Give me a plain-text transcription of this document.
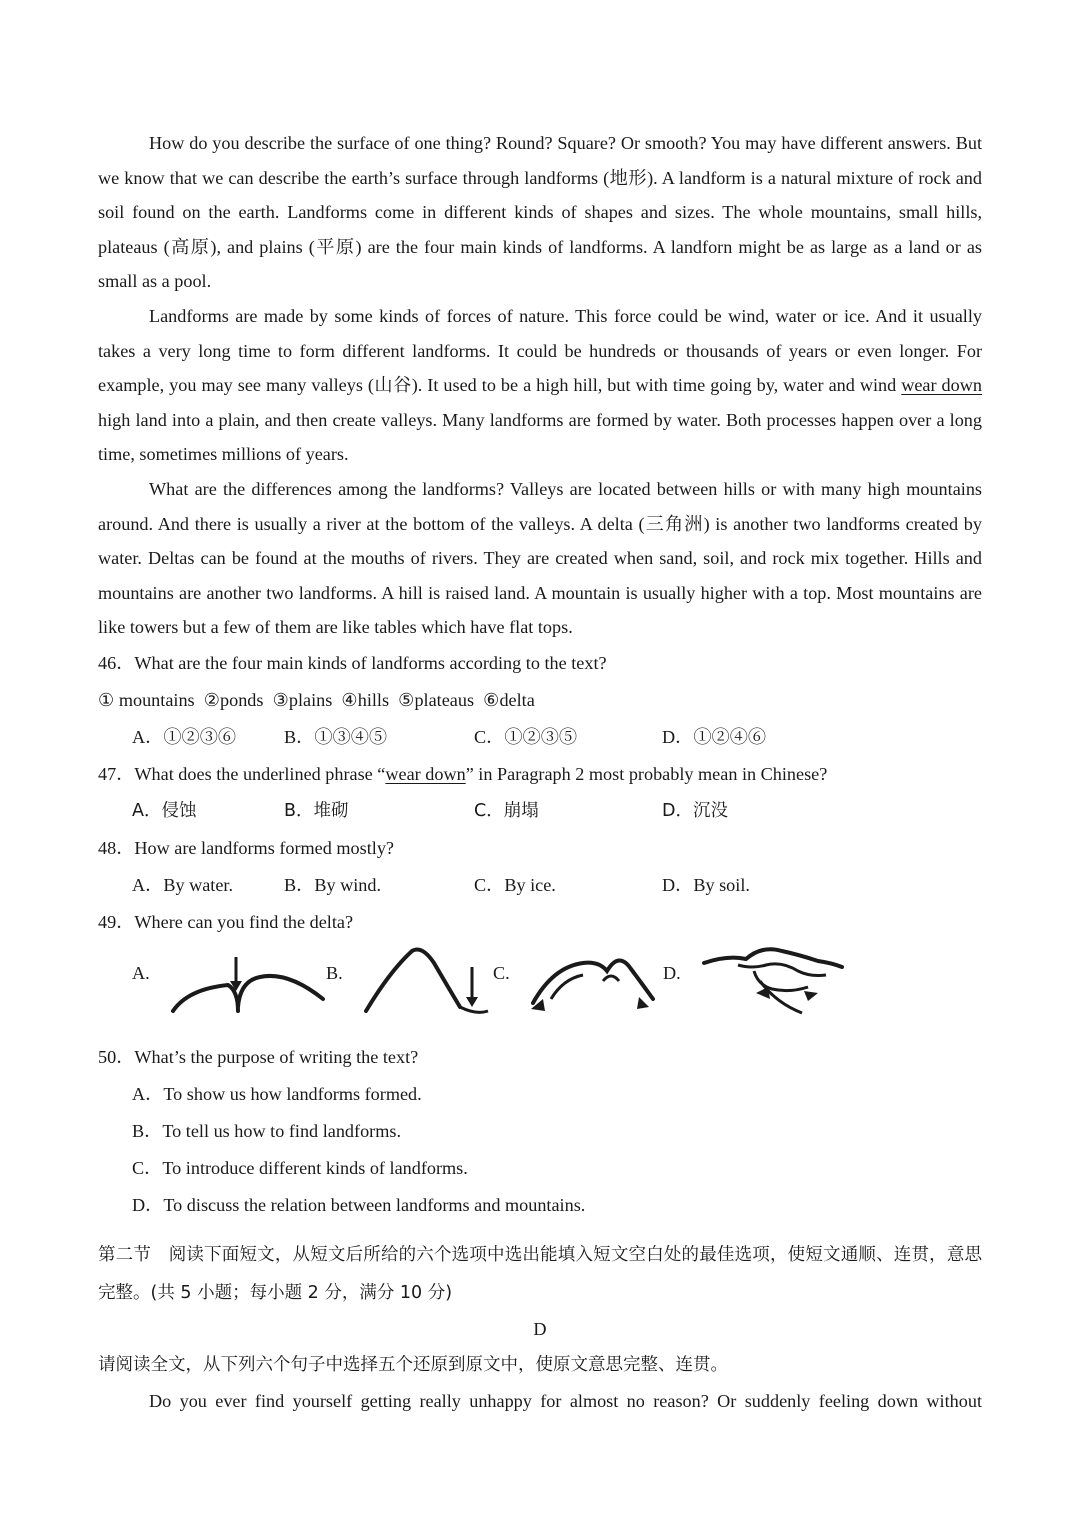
How do you describe the surface of one thing? Round? Square? Or smooth? You may have different answers. But we know that we can describe the earth’s surface through landforms (地形). A landform is a natural mixture of rock and soil found on the earth. Landforms come in different kinds of shapes and sizes. The whole mountains, small hills, plateaus (高原), and plains (平原) are the four main kinds of landforms. A landforn might be as large as a land or as small as a pool.

Landforms are made by some kinds of forces of nature. This force could be wind, water or ice. And it usually takes a very long time to form different landforms. It could be hundreds or thousands of years or even longer. For example, you may see many valleys (山谷). It used to be a high hill, but with time going by, water and wind wear down high land into a plain, and then create valleys. Many landforms are formed by water. Both processes happen over a long time, sometimes millions of years.

What are the differences among the landforms? Valleys are located between hills or with many high mountains around. And there is usually a river at the bottom of the valleys. A delta (三角洲) is another two landforms created by water. Deltas can be found at the mouths of rivers. They are created when sand, soil, and rock mix together. Hills and mountains are another two landforms. A hill is raised land. A mountain is usually higher with a top. Most mountains are like towers but a few of them are like tables which have flat tops.

46．What are the four main kinds of landforms according to the text?

① mountains  ②ponds  ③plains  ④hills  ⑤plateaus  ⑥delta

A．①②③⑥	B．①③④⑤	C．①②③⑤	D．①②④⑥

47．What does the underlined phrase “wear down” in Paragraph 2 most probably mean in Chinese?

A．侵蚀	B．堆砌	C．崩塌	D．沉没

48．How are landforms formed mostly?

A．By water.	B．By wind.	C．By ice.	D．By soil.

49．Where can you find the delta?

A.	B.	C.	D.

50．What’s the purpose of writing the text?

A．To show us how landforms formed.
B．To tell us how to find landforms.
C．To introduce different kinds of landforms.
D．To discuss the relation between landforms and mountains.

第二节　阅读下面短文，从短文后所给的六个选项中选出能填入短文空白处的最佳选项，使短文通顺、连贯，意思完整。(共 5 小题；每小题 2 分，满分 10 分)

D

请阅读全文，从下列六个句子中选择五个还原到原文中，使原文意思完整、连贯。

Do you ever find yourself getting really unhappy for almost no reason? Or suddenly feeling down without
